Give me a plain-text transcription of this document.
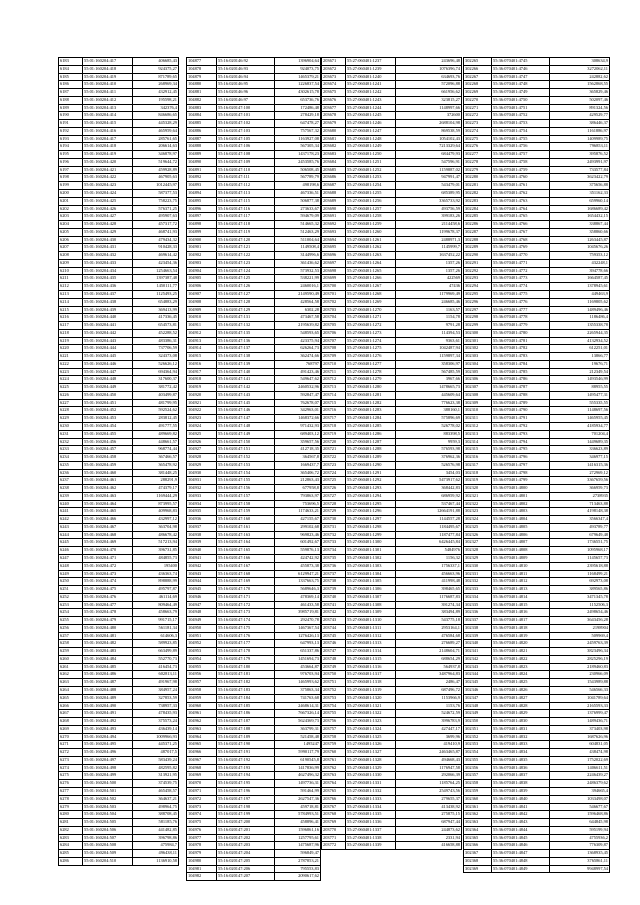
6183	55:01:160204:417	406685,43
6184	55:01:160204:418	924375,27
6185	55:01:160204:419	871789,65
6186	55:01:160204:410	268969,34
6187	55:01:160204:411	432912,45
6188	55:01:160204:412	195598,21
6189	55:01:160204:413	342376,4
6190	55:01:160204:414	846686,65
6191	55:01:160204:415	445328,29
6192	55:01:160204:416	465959,64
6193	55:01:160204:417	285761,65
6194	55:01:160204:418	206614,63
6195	55:01:160204:419	346878,97
6196	55:01:160204:420	519644,72
6197	55:01:160204:421	459928,89
6198	55:01:160204:422	467905,63
6199	55:01:160204:423	1012445,97
6200	55:01:160204:424	587377,53
6201	55:01:160204:425	758223,75
6202	55:01:160204:426	576371,25
6203	55:01:160204:427	495907,63
6204	55:01:160204:428	457317,72
6205	55:01:160204:429	468741,93
6206	55:01:160204:430	479434,32
6207	55:01:160204:431	910428,33
6208	55:01:160204:432	469614,42
6209	55:01:160204:433	423454,36
6210	55:01:160204:434	1254663,54
6211	55:01:160204:435	1397387,48
6212	55:01:160204:436	1450111,77
6213	55:01:160204:437	1125493,25
6214	55:01:160204:438	654883,29
6215	55:01:160204:439	369413,99
6216	55:01:160204:440	417336,45
6217	55:01:160204:441	654573,81
6218	55:01:160204:442	452288,52
6219	55:01:160204:443	483386,31
6220	55:01:160204:444	737706,59
6221	55:01:160204:445	324373,08
6222	55:01:160204:446	526626,12
6223	55:01:160204:447	694364,94
6224	55:01:160204:448	317600,37
6225	55:01:160204:449	381772,42
6226	55:01:160204:450	403499,87
6227	55:01:160204:451	481799,95
6228	55:01:160204:452	592524,62
6229	55:01:160204:453	283812,45
6230	55:01:160204:454	491777,55
6231	55:01:160204:455	489669,82
6232	55:01:160204:456	448661,57
6233	55:01:160204:457	968774,44
6234	55:01:160204:458	367466,57
6235	55:01:160204:459	365478,92
6236	55:01:160204:460	381448,25
6237	55:01:160204:461	288291,9
6238	55:01:160204:462	474379,17
6239	55:01:160204:463	1169444,29
6240	55:01:160204:464	873995,57
6241	55:01:160204:465	409968,83
6242	55:01:160204:466	432997,12
6243	55:01:160204:467	363704,98
6244	55:01:160204:468	486678,42
6245	55:01:160204:469	517213,94
6246	55:01:160204:470	396731,85
6247	55:01:160204:471	484855,73
6248	55:01:160204:472	195400
6249	55:01:160204:473	436363,74
6250	55:01:160204:474	898888,99
6251	55:01:160204:475	495797,87
6252	55:01:160204:476	461114,69
6253	55:01:160204:477	809464,49
6254	55:01:160204:478	458663,79
6255	55:01:160204:479	991715,17
6256	55:01:160204:480	561181,34
6257	55:01:160204:481	614606,3
6258	55:01:160204:482	589923,85
6259	55:01:160204:483	663499,89
6260	55:01:160204:484	552770,73
6261	55:01:160204:485	416454,73
6262	55:01:160204:486	602813,11
6263	55:01:160204:487	491967,98
6264	55:01:160204:488	384957,24
6265	55:01:160204:489	327853,59
6266	55:01:160204:490	738957,33
6267	55:01:160204:491	478435,93
6268	55:01:160204:492	375573,24
6269	55:01:160204:493	436439,14
6270	55:01:160204:494	1009966,93
6271	55:01:160204:495	445371,25
6272	55:01:160204:496	487017,5
6273	55:01:160204:497	583439,24
6274	55:01:160204:498	482595,82
6275	55:01:160204:499	313921,95
6276	55:01:160204:500	374539,75
6277	55:01:160204:501	465458,57
6278	55:01:160204:502	364637,21
6279	55:01:160204:503	498964,75
6280	55:01:160204:504	388708,45
6281	55:01:160204:505	581185,76
6282	55:01:160204:506	441482,85
6283	55:01:160204:507	396798,86
6284	55:01:160204:508	475984,7
6285	55:01:160204:509	496438,11
6286	55:01:160204:510	1136910,58
104877	55:16:020146:92	1396904,64
104878	55:16:020146:93	924073,75
104879	55:16:020146:94	1465379,21
104880	55:16:020146:95	1226837,54
104881	55:16:020146:96	4302615,78
104882	55:16:020146:97	653736,76
104883	55:16:020147:100	172486,48
104884	55:16:020147:101	278429,18
104885	55:16:020147:102	647478,27
104886	55:16:020147:103	757567,32
104887	55:16:020147:105	1163927,08
104888	55:16:020147:106	567305,34
104889	55:16:020147:108	1437178,23
104890	55:16:020147:109	2453585,76
104891	55:16:020147:110	506508,45
104892	55:16:020147:111	567789,79
104893	55:16:020147:112	498198,6
104894	55:16:020147:113	467336,51
104895	55:16:020147:115	506877,38
104896	55:16:020147:116	273633,67
104897	55:16:020147:117	594679,09
104898	55:16:020147:118	514665,32
104899	55:16:020147:119	512463,29
104900	55:16:020147:120	511004,64
104901	55:16:020147:121	1149508,4
104902	55:16:020147:122	3144996,6
104903	55:16:020147:123	361436,62
104904	55:16:020147:124	573932,53
104905	55:16:020147:125	538221,99
104906	55:16:020147:126	2460016,1
104907	55:16:020147:127	2149590,49
104908	55:16:020147:128	428564,58
104909	55:16:020147:129	6302,28
104910	55:16:020147:131	473467,58
104911	55:16:020147:132	2195639,82
104912	55:16:020147:135	548593,65
104913	55:16:020147:136	423375,94
104914	55:16:020147:137	626264,73
104915	55:16:020147:138	362474,66
104916	55:16:020147:139	768797
104917	55:16:020147:140	491423,46
104918	55:16:020147:141	549647,62
104919	55:16:020147:142	2460532,96
104920	55:16:020147:143	592847,47
104921	55:16:020147:145	762678,07
104922	55:16:020147:146	342963,01
104923	55:16:020147:147	1468372,66
104924	55:16:020147:148	971432,93
104925	55:16:020147:149	689403,12
104926	55:16:020147:150	359657,56
104927	55:16:020147:151	412718,35
104928	55:16:020147:152	364567,8
104929	55:16:020147:153	1669437,7
104930	55:16:020147:154	365406,72
104931	55:16:020147:155	212863,43
104932	55:16:020147:156	677958,8
104933	55:16:020147:157	793863,97
104934	55:16:020147:158	753696,5
104935	55:16:020147:159	1174633,21
104936	55:16:020147:160	427155,67
104937	55:16:020147:161	299102,68
104938	55:16:020147:163	969823,46
104939	55:16:020147:164	601492,67
104940	55:16:020147:165	559876,13
104941	55:16:020147:166	424742,92
104942	55:16:020147:167	455873,38
104943	55:16:020147:168	6129947,21
104944	55:16:020147:169	1337663,75
104945	55:16:020147:170	5689646,3
104946	55:16:020147:171	478369,14
104947	55:16:020147:172	461433,58
104948	55:16:020147:173	3985719,81
104949	55:16:020147:174	292470,78
104950	55:16:020147:175	1467367,54
104951	55:16:020147:176	1276426,13
104952	55:16:020147:177	647993,13
104953	55:16:020147:178	651337,86
104954	55:16:020147:179	1451694,73
104955	55:16:020147:180	453664,87
104956	55:16:020147:181	976703,94
104957	55:16:020147:182	1465993,62
104958	55:16:020147:183	375863,34
104959	55:16:020147:184	741763,68
104960	55:16:020147:185	2468614,31
104961	55:16:020147:186	7667326,14
104962	55:16:020147:187	5624369,73
104963	55:16:020147:188	363799,31
104964	55:16:020147:189	521458,48
104965	55:16:020147:190	1495247
104966	55:16:020147:191	5990117,79
104967	55:16:020147:192	6190545,8
104968	55:16:020147:193	1417836,99
104969	55:16:020147:194	4627496,32
104970	55:16:020147:195	1497736,31
104971	55:16:020147:196	591464,99
104972	55:16:020147:197	2627547,36
104973	55:16:020147:198	459718,81
104974	55:16:020147:199	5784993,51
104975	55:16:020147:200	458896,41
104976	55:16:020147:201	1596861,16
104977	55:16:020147:202	1257795,61
104978	55:16:020147:203	1475687,96
104979	55:16:020147:204	596849,47
104980	55:16:020147:205	2787853,21
104981	55:16:020147:206	795553,83
104982	55:16:020147:207	2090617,62
203671	55:27:060401:1237	243696,48
203672	55:27:060401:1239	1076396,74
203673	55:27:060401:1240	634693,76
203674	55:27:060401:1241	572096,88
203675	55:27:060401:1242	661956,62
203676	55:27:060401:1243	323815,27
203677	55:27:060401:1244	1148997,66
203678	55:27:060401:1245	372600
203679	55:27:060401:1246	2688104,98
203680	55:27:060401:1247	869538,59
203681	55:27:060401:1248	1054102,43
203682	55:27:060401:1249	7213329,64
203683	55:27:060401:1250	684479,93
203684	55:27:060401:1251	547596,91
203685	55:27:060401:1252	1159887,02
203686	55:27:060401:1253	947991,47
203687	55:27:060401:1254	543479,01
203688	55:27:060401:1255	685389,95
203689	55:27:060401:1256	3365733,92
203690	55:27:060401:1257	493756,59
203691	55:27:060401:1258	399183,26
203692	55:27:060401:1259	2114458,6
203693	55:27:060401:1260	1199678,37
203694	55:27:060401:1261	2488971,3
203695	55:27:060401:1262	1145999,7
203696	55:27:060401:1263	1637452,22
203697	55:27:060401:1264	1357,26
203698	55:27:060401:1265	1357,26
203699	55:27:060401:1266	422569
203700	55:27:060401:1267	47436
203701	55:27:060401:1268	1179969,49
203702	55:27:060401:1269	246685,46
203703	55:27:060401:1270	1163,57
203704	55:27:060401:1271	1154,78
203705	55:27:060401:1272	9791,28
203706	55:27:060401:1273	114394,53
203707	55:27:060401:1274	9363,61
203708	55:27:060401:1275	1042487,94
203709	55:27:060401:1276	1159897,34
203710	55:27:060401:1277	358306,97
203711	55:27:060401:1278	567485,59
203712	55:27:060401:1279	3967,66
203713	55:27:060401:1280	1478665,73
203714	55:27:060401:1281	445609,64
203715	55:27:060401:1282	776623,38
203716	55:27:060401:1283	388160,1
203717	55:27:060401:1284	575896,69
203718	55:27:060401:1285	526778,02
203719	55:27:060401:1286	883398,5
203720	55:27:060401:1287	9959,3
203721	55:27:060401:1288	576593,98
203722	55:27:060401:1289	376962,36
203723	55:27:060401:1290	526576,98
203724	55:27:060401:1291	3454,03
203725	55:27:060401:1292	5473917,62
203726	55:27:060401:1293	368442,83
203727	55:27:060401:1294	686959,92
203728	55:27:060401:1295	537467,44
203729	55:27:060401:1296	12664191,88
203730	55:27:060401:1297	1144557,28
203731	55:27:060401:1298	1184495,67
203732	55:27:060401:1299	1187477,84
203733	55:27:060401:1300	6426445,84
203734	55:27:060401:1301	5484976
203735	55:27:060401:1302	1156,32
203736	55:27:060401:1303	1756337,1
203737	55:27:060401:1304	456663,96
203738	55:27:060401:1305	411998,48
203739	55:27:060401:1306	398465,65
203740	55:27:060401:1307	1176687,83
203741	55:27:060401:1308	391274,34
203742	55:27:060401:1309	383494,89
203743	55:27:060401:1310	543775,18
203744	55:27:060401:1311	2953164,1
203745	55:27:060401:1312	476584,68
203746	55:27:060401:1313	276689,27
203747	55:27:060401:1314	2148604,71
203748	55:27:060401:1315	688654,29
203749	55:27:060401:1316	564937,8
203750	55:27:060401:1317	3487964,83
203751	55:27:060401:1318	2486,47
203752	55:27:060401:1319	687496,72
203753	55:27:060401:1320	1153966,9
203754	55:27:060401:1321	1153,76
203755	55:27:060401:1322	524672,59
203756	55:27:060401:1323	3996783,9
203757	55:27:060401:1324	427447,17
203758	55:27:060401:1325	3699,96
203759	55:27:060401:1326	419410,9
203760	55:27:060401:1327	2463465,87
203761	55:27:060401:1328	494668,43
203762	55:27:060401:1329	1176947,58
203763	55:27:060401:1330	292066,39
203764	55:27:060401:1331	1185764,25
203765	55:27:060401:1332	2549743,56
203766	55:27:060401:1333	279655,37
203767	55:27:060401:1334	413438,92
203768	55:27:060401:1335	275875,15
203769	55:27:060401:1336	687947,44
203770	55:27:060401:1337	244873,62
203771	55:27:060401:1338	2331,94
203772	55:27:060401:1339	416658,88
302265	55:36:070401:4745	308634,9
302266	55:36:070401:4746	3272062,11
302267	55:36:070401:4747	242882,62
302268	55:36:070401:4748	1562868,55
302269	55:36:070401:4749	365829,46
302270	55:36:070401:4750	502097,46
302271	55:36:070401:4751	891324,56
302272	55:36:070401:4752	429529,77
302273	55:36:070401:4753	386446,37
302274	55:36:070401:4754	1161886,97
302275	55:36:070401:4755	1409989,75
302276	55:36:070401:4756	796853,11
302277	55:36:070401:4757	395876,52
302278	55:36:070401:4758	2493991,97
302279	55:36:070401:4759	733577,84
302280	55:36:070401:4760	3623422,79
302281	55:36:070401:4761	375656,88
302282	55:36:070401:4762	351162,33
302283	55:36:070401:4763	659960,14
302284	55:36:070401:4764	1686689,42
302285	55:36:070401:4765	1654432,15
302286	55:36:070401:4766	338867,44
302287	55:36:070401:4767	358860,66
302288	55:36:070401:4768	1263445,87
302289	55:36:070401:4769	1045676,26
302290	55:36:070401:4770	759353,12
302291	55:36:070401:4771	432248,1
302292	55:36:070401:4772	394778,66
302293	55:36:070401:4773	1664587,45
302294	55:36:070401:4774	1378945,61
302295	55:36:070401:4775	449463,9
302296	55:36:070401:4776	1169805,62
302297	55:36:070401:4777	1489496,46
302298	55:36:070401:4778	1186486,4
302299	55:36:070401:4779	1355338,78
302300	55:36:070401:4780	2265944,35
302301	55:36:070401:4781	4132934,52
302302	55:36:070401:4782	612251,01
302303	55:36:070401:4783	13866,77
302304	55:36:070401:4784	19676,71
302305	55:36:070401:4785	212349,54
302306	55:36:070401:4786	1493546,99
302307	55:36:070401:4787	88955,55
302308	55:36:070401:4788	1495477,31
302309	55:36:070401:4789	555335,55
302310	55:36:070401:4790	1148697,56
302311	55:36:070401:4791	1465955,45
302312	55:36:070401:4792	4185934,77
302313	55:36:070401:4793	701204,4
302314	55:36:070401:4794	1449689,35
302315	55:36:070401:4795	336623,89
302316	55:36:070401:4796	346977,15
302317	55:36:070401:4797	1416315,36
302318	55:36:070401:4798	272969,12
302319	55:36:070401:4799	3367659,56
302320	55:36:070401:4800	366959,73
302321	55:36:070401:4801	2738935
302322	55:36:070401:4802	713463,88
302323	55:36:070401:4803	4198148,38
302324	55:36:070401:4804	3566347,4
302325	55:36:070401:4805	493789,77
302326	55:36:070401:4806	679649,48
302327	55:36:070401:4807	1736551,75
302328	55:36:070401:4808	1095968,17
302329	55:36:070401:4809	1145657,73
302330	55:36:070401:4810	2395618,88
302331	55:36:070401:4811	1168499,21
302332	55:36:070401:4812	692973,08
302333	55:36:070401:4813	389565,86
302334	55:36:070401:4814	3471345,78
302335	55:36:070401:4815	1152506,3
302336	55:36:070401:4816	2498654,46
302337	55:36:070401:4817	3643456,28
302338	55:36:070401:4818	2198904
302339	55:36:070401:4819	509969,4
302340	55:36:070401:4820	2459763,39
302341	55:36:070401:4821	3823496,34
302342	55:36:070401:4822	2825296,19
302343	55:36:070401:4823	2189460,83
302344	55:36:070401:4824	230966,09
302345	55:36:070401:4825	1543989,88
302346	55:36:070401:4826	546566,33
302347	55:36:070401:4827	1041789,64
302348	55:36:070401:4828	2165593,33
302349	55:36:070401:4829	1376999,47
302350	55:36:070401:4830	1489436,71
302351	55:36:070401:4831	373403,98
302352	55:36:070401:4832	1687626,96
302353	55:36:070401:4833	604831,05
302354	55:36:070401:4834	438474,98
302355	55:36:070401:4835	1752022,69
302356	55:36:070401:4836	1406611,51
302357	55:36:070401:4837	2246439,27
302358	55:36:070401:4838	2486379,62
302359	55:36:070401:4839	394665,4
302360	55:36:070401:4840	1033498,07
302361	55:36:070401:4841	546677,67
302362	55:36:070401:4842	1596468,86
302363	55:36:070401:4843	644845,98
302364	55:36:070401:4844	595199,94
302365	55:36:070401:4845	4755936,2
302366	55:36:070401:4846	776309,87
302367	55:36:070401:4847	1368935,45
302368	55:36:070401:4848	3765861,11
302369	55:36:070401:4849	9948997,54
